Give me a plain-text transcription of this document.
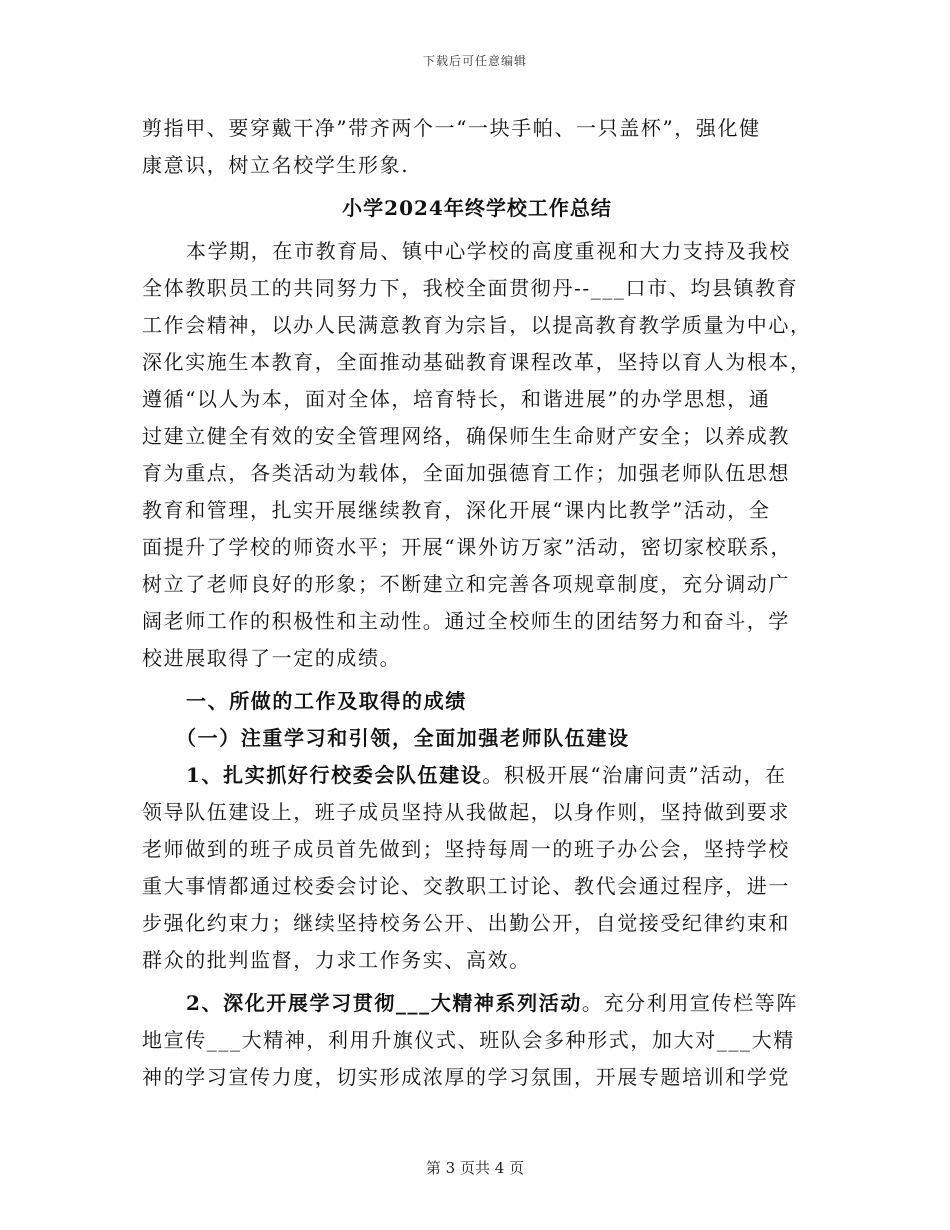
下载后可任意编辑
剪指甲、要穿戴干净”带齐两个一“一块手帕、一只盖杯”，强化健
康意识，树立名校学生形象.
小学2024年终学校工作总结
本学期，在市教育局、镇中心学校的高度重视和大力支持及我校
全体教职员工的共同努力下，我校全面贯彻丹--___口市、均县镇教育
工作会精神，以办人民满意教育为宗旨，以提高教育教学质量为中心，
深化实施生本教育，全面推动基础教育课程改革，坚持以育人为根本，
遵循“以人为本，面对全体，培育特长，和谐进展”的办学思想，通
过建立健全有效的安全管理网络，确保师生生命财产安全；以养成教
育为重点，各类活动为载体，全面加强德育工作；加强老师队伍思想
教育和管理，扎实开展继续教育，深化开展“课内比教学”活动，全
面提升了学校的师资水平；开展“课外访万家”活动，密切家校联系，
树立了老师良好的形象；不断建立和完善各项规章制度，充分调动广
阔老师工作的积极性和主动性。通过全校师生的团结努力和奋斗，学
校进展取得了一定的成绩。
一、所做的工作及取得的成绩
（一）注重学习和引领，全面加强老师队伍建设
1、扎实抓好行校委会队伍建设。积极开展“治庸问责”活动，在
领导队伍建设上，班子成员坚持从我做起，以身作则，坚持做到要求
老师做到的班子成员首先做到；坚持每周一的班子办公会，坚持学校
重大事情都通过校委会讨论、交教职工讨论、教代会通过程序，进一
步强化约束力；继续坚持校务公开、出勤公开，自觉接受纪律约束和
群众的批判监督，力求工作务实、高效。
2、深化开展学习贯彻___大精神系列活动。充分利用宣传栏等阵
地宣传___大精神，利用升旗仪式、班队会多种形式，加大对___大精
神的学习宣传力度，切实形成浓厚的学习氛围，开展专题培训和学党
第 3 页共 4 页
